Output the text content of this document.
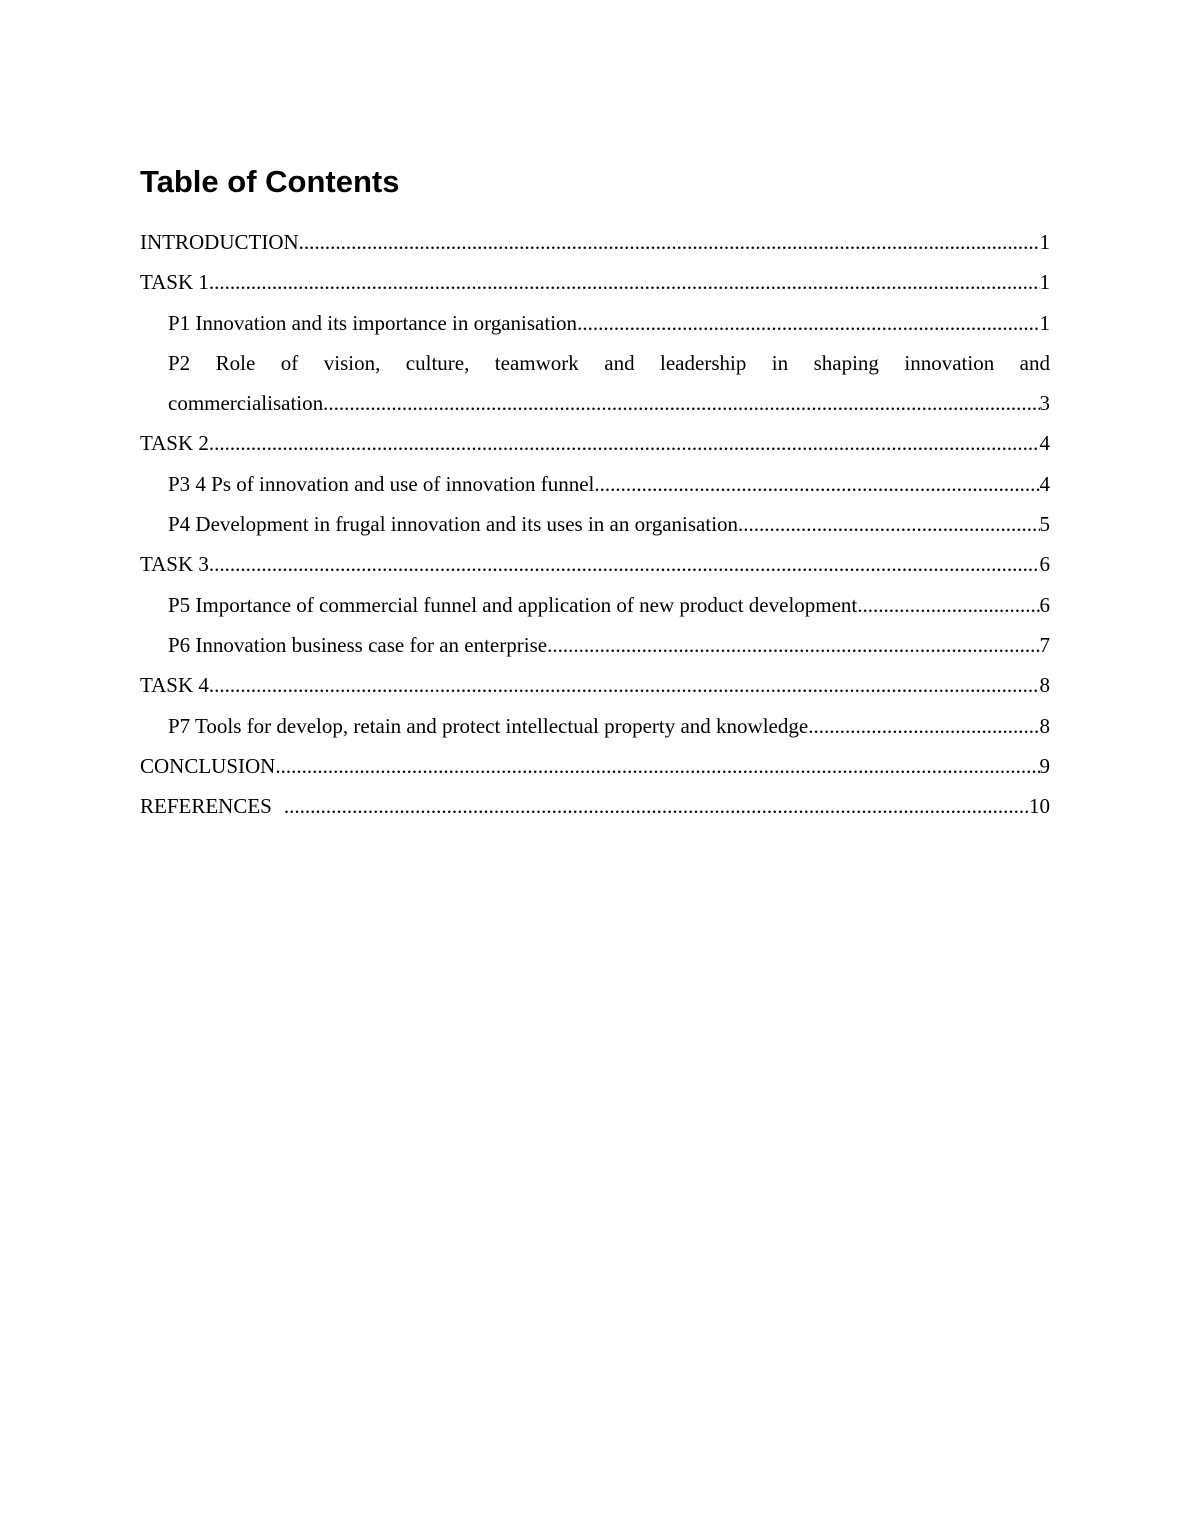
Table of Contents
INTRODUCTION .....	1
TASK 1 .....	1
P1 Innovation and its importance in organisation .....	1
P2 Role of vision, culture, teamwork and leadership in shaping innovation and
commercialisation .....	3
TASK 2 .....	4
P3 4 Ps of innovation and use of innovation funnel .....	4
P4 Development in frugal innovation and its uses in an organisation .....	5
TASK 3 .....	6
P5 Importance of commercial funnel and application of new product development .....	6
P6 Innovation business case for an enterprise .....	7
TASK 4 .....	8
P7 Tools for develop, retain and protect intellectual property and knowledge .....	8
CONCLUSION .....	9
REFERENCES .....	10
